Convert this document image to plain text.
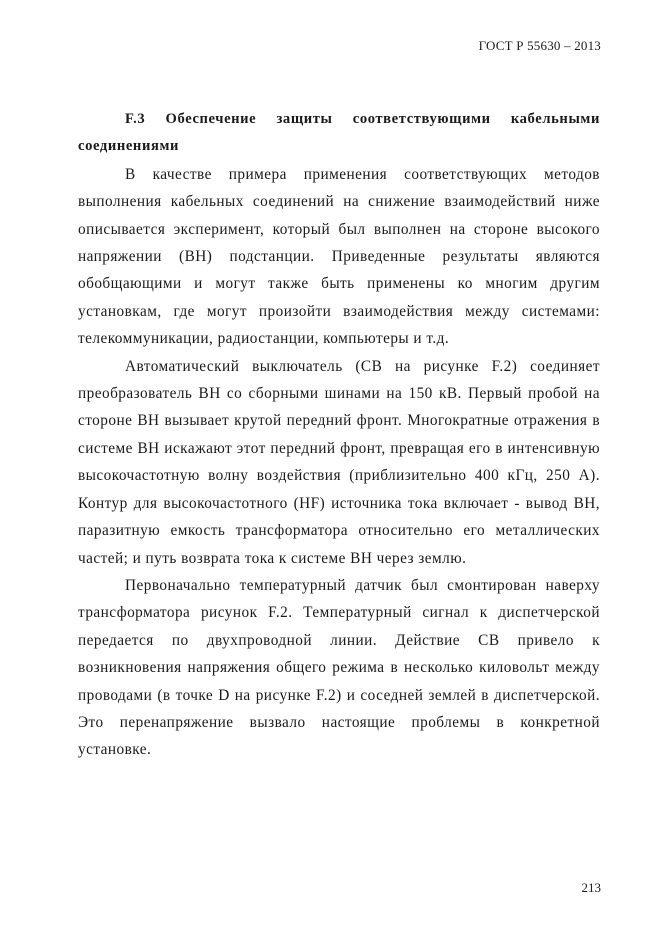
ГОСТ Р 55630 – 2013

F.3 Обеспечение защиты соответствующими кабельными соединениями

В качестве примера применения соответствующих методов выполнения кабельных соединений на снижение взаимодействий ниже описывается эксперимент, который был выполнен на стороне высокого напряжении (ВН) подстанции. Приведенные результаты являются обобщающими и могут также быть применены ко многим другим установкам, где могут произойти взаимодействия между системами: телекоммуникации, радиостанции, компьютеры и т.д.

Автоматический выключатель (СВ на рисунке F.2) соединяет преобразователь ВН со сборными шинами на 150 кВ. Первый пробой на стороне ВН вызывает крутой передний фронт. Многократные отражения в системе ВН искажают этот передний фронт, превращая его в интенсивную высокочастотную волну воздействия (приблизительно 400 кГц, 250 А). Контур для высокочастотного (HF) источника тока включает - вывод ВН, паразитную емкость трансформатора относительно его металлических частей; и путь возврата тока к системе ВН через землю.

Первоначально температурный датчик был смонтирован наверху трансформатора рисунок F.2. Температурный сигнал к диспетчерской передается по двухпроводной линии. Действие СВ привело к возникновения напряжения общего режима в несколько киловольт между проводами (в точке D на рисунке F.2) и соседней землей в диспетчерской. Это перенапряжение вызвало настоящие проблемы в конкретной установке.

213
